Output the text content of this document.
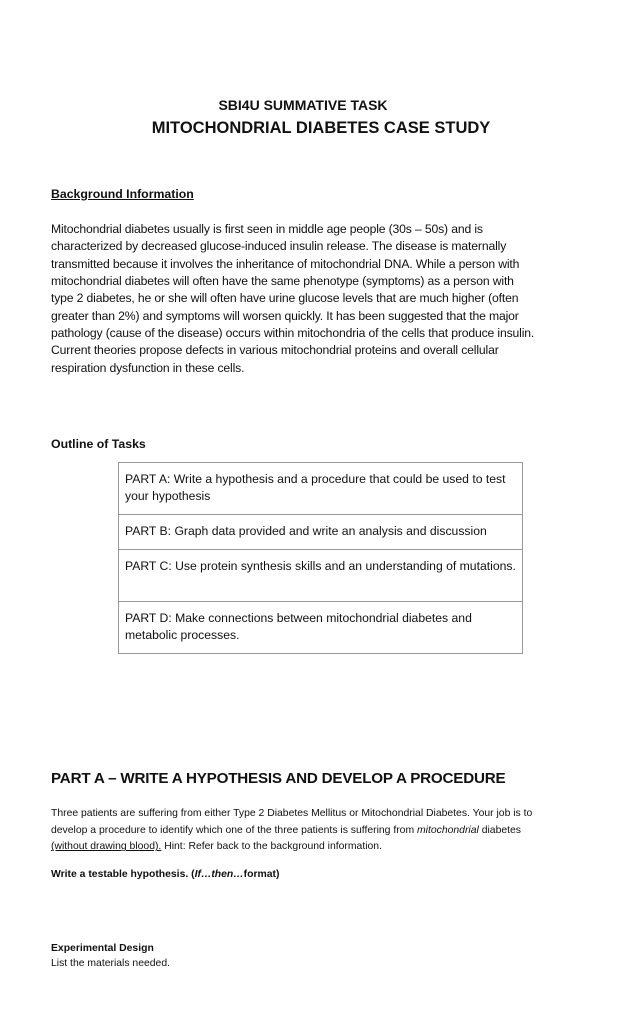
SBI4U SUMMATIVE TASK
MITOCHONDRIAL DIABETES CASE STUDY
Background Information
Mitochondrial diabetes usually is first seen in middle age people (30s – 50s) and is
characterized by decreased glucose-induced insulin release. The disease is maternally
transmitted because it involves the inheritance of mitochondrial DNA. While a person with
mitochondrial diabetes will often have the same phenotype (symptoms) as a person with
type 2 diabetes, he or she will often have urine glucose levels that are much higher (often
greater than 2%) and symptoms will worsen quickly. It has been suggested that the major
pathology (cause of the disease) occurs within mitochondria of the cells that produce insulin.
Current theories propose defects in various mitochondrial proteins and overall cellular
respiration dysfunction in these cells.
Outline of Tasks
PART A: Write a hypothesis and a procedure that could be used to test your hypothesis
PART B: Graph data provided and write an analysis and discussion
PART C: Use protein synthesis skills and an understanding of mutations.
PART D: Make connections between mitochondrial diabetes and metabolic processes.
PART A – WRITE A HYPOTHESIS AND DEVELOP A PROCEDURE
Three patients are suffering from either Type 2 Diabetes Mellitus or Mitochondrial Diabetes. Your job is to
develop a procedure to identify which one of the three patients is suffering from mitochondrial diabetes
(without drawing blood). Hint: Refer back to the background information.
Write a testable hypothesis. (If…then…format)
Experimental Design
List the materials needed.
